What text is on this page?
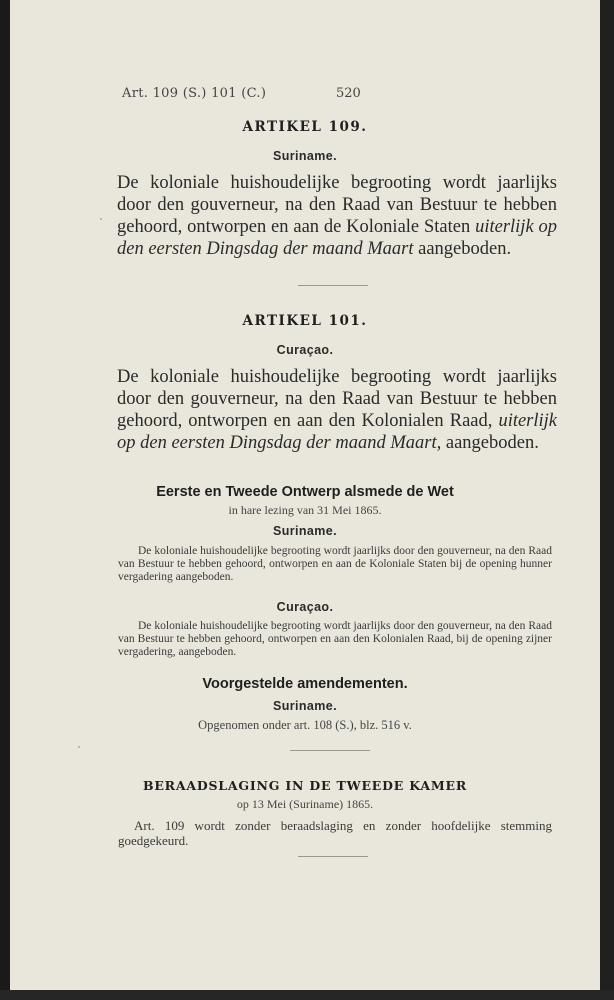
Art. 109 (S.) 101 (C.)	520
ARTIKEL 109.
Suriname.
De koloniale huishoudelijke begrooting wordt jaarlijks door den gouverneur, na den Raad van Bestuur te hebben gehoord, ontworpen en aan de Koloniale Staten uiterlijk op den eersten Dingsdag der maand Maart aangeboden.
ARTIKEL 101.
Curaçao.
De koloniale huishoudelijke begrooting wordt jaarlijks door den gouverneur, na den Raad van Bestuur te hebben gehoord, ontworpen en aan den Kolonialen Raad, uiterlijk op den eersten Dingsdag der maand Maart, aangeboden.
Eerste en Tweede Ontwerp alsmede de Wet
in hare lezing van 31 Mei 1865.
Suriname.
De koloniale huishoudelijke begrooting wordt jaarlijks door den gouverneur, na den Raad van Bestuur te hebben gehoord, ontworpen en aan de Koloniale Staten bij de opening hunner vergadering aangeboden.
Curaçao.
De koloniale huishoudelijke begrooting wordt jaarlijks door den gouverneur, na den Raad van Bestuur te hebben gehoord, ontworpen en aan den Kolonialen Raad, bij de opening zijner vergadering, aangeboden.
Voorgestelde amendementen.
Suriname.
Opgenomen onder art. 108 (S.), blz. 516 v.
BERAADSLAGING IN DE TWEEDE KAMER
op 13 Mei (Suriname) 1865.
Art. 109 wordt zonder beraadslaging en zonder hoofdelijke stemming goedgekeurd.
